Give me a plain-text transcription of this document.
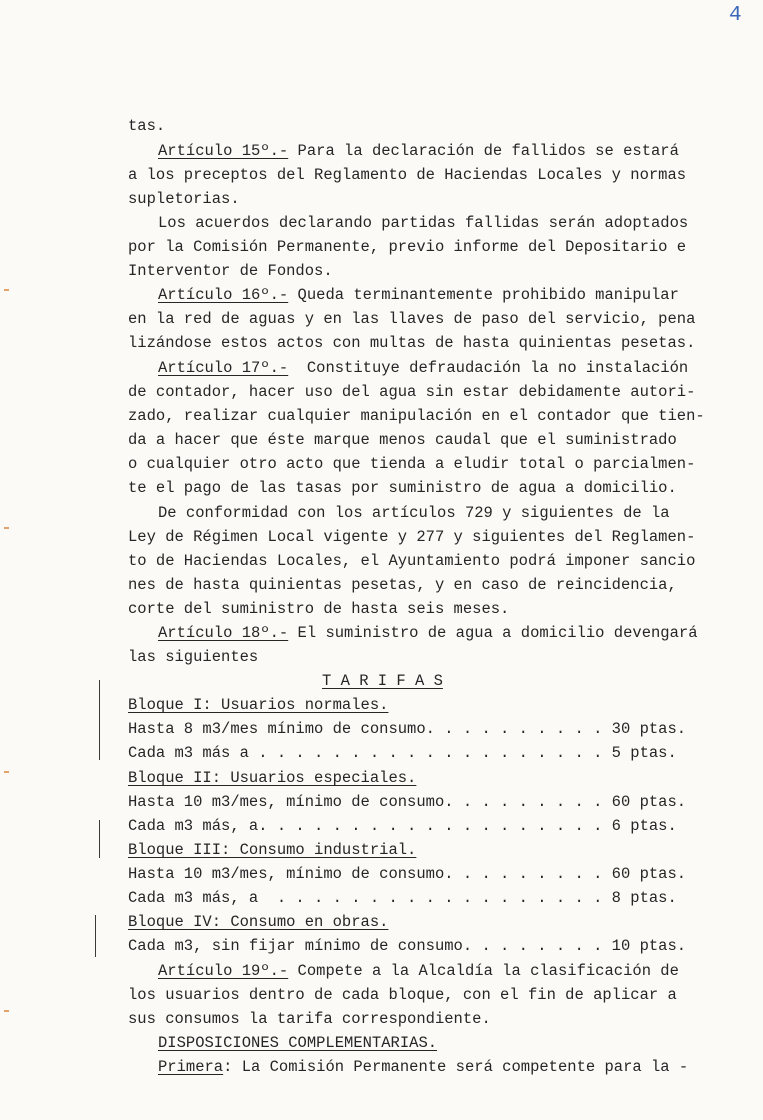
4
tas.
Artículo 15º.- Para la declaración de fallidos se estará
a los preceptos del Reglamento de Haciendas Locales y normas
supletorias.
Los acuerdos declarando partidas fallidas serán adoptados
por la Comisión Permanente, previo informe del Depositario e
Interventor de Fondos.
Artículo 16º.- Queda terminantemente prohibido manipular
en la red de aguas y en las llaves de paso del servicio, pena
lizándose estos actos con multas de hasta quinientas pesetas.
Artículo 17º.-  Constituye defraudación la no instalación
de contador, hacer uso del agua sin estar debidamente autori-
zado, realizar cualquier manipulación en el contador que tien-
da a hacer que éste marque menos caudal que el suministrado
o cualquier otro acto que tienda a eludir total o parcialmen-
te el pago de las tasas por suministro de agua a domicilio.
De conformidad con los artículos 729 y siguientes de la
Ley de Régimen Local vigente y 277 y siguientes del Reglamen-
to de Haciendas Locales, el Ayuntamiento podrá imponer sancio
nes de hasta quinientas pesetas, y en caso de reincidencia,
corte del suministro de hasta seis meses.
Artículo 18º.- El suministro de agua a domicilio devengará
las siguientes
T A R I F A S
Bloque I: Usuarios normales.
Hasta 8 m3/mes mínimo de consumo. . . . . . . . . . 30 ptas.
Cada m3 más a . . . . . . . . . . . . . . . . . . . 5 ptas.
Bloque II: Usuarios especiales.
Hasta 10 m3/mes, mínimo de consumo. . . . . . . . . 60 ptas.
Cada m3 más, a. . . . . . . . . . . . . . . . . . . 6 ptas.
Bloque III: Consumo industrial.
Hasta 10 m3/mes, mínimo de consumo. . . . . . . . . 60 ptas.
Cada m3 más, a  . . . . . . . . . . . . . . . . . . 8 ptas.
Bloque IV: Consumo en obras.
Cada m3, sin fijar mínimo de consumo. . . . . . . . 10 ptas.
Artículo 19º.- Compete a la Alcaldía la clasificación de
los usuarios dentro de cada bloque, con el fin de aplicar a
sus consumos la tarifa correspondiente.
DISPOSICIONES COMPLEMENTARIAS.
Primera: La Comisión Permanente será competente para la -
